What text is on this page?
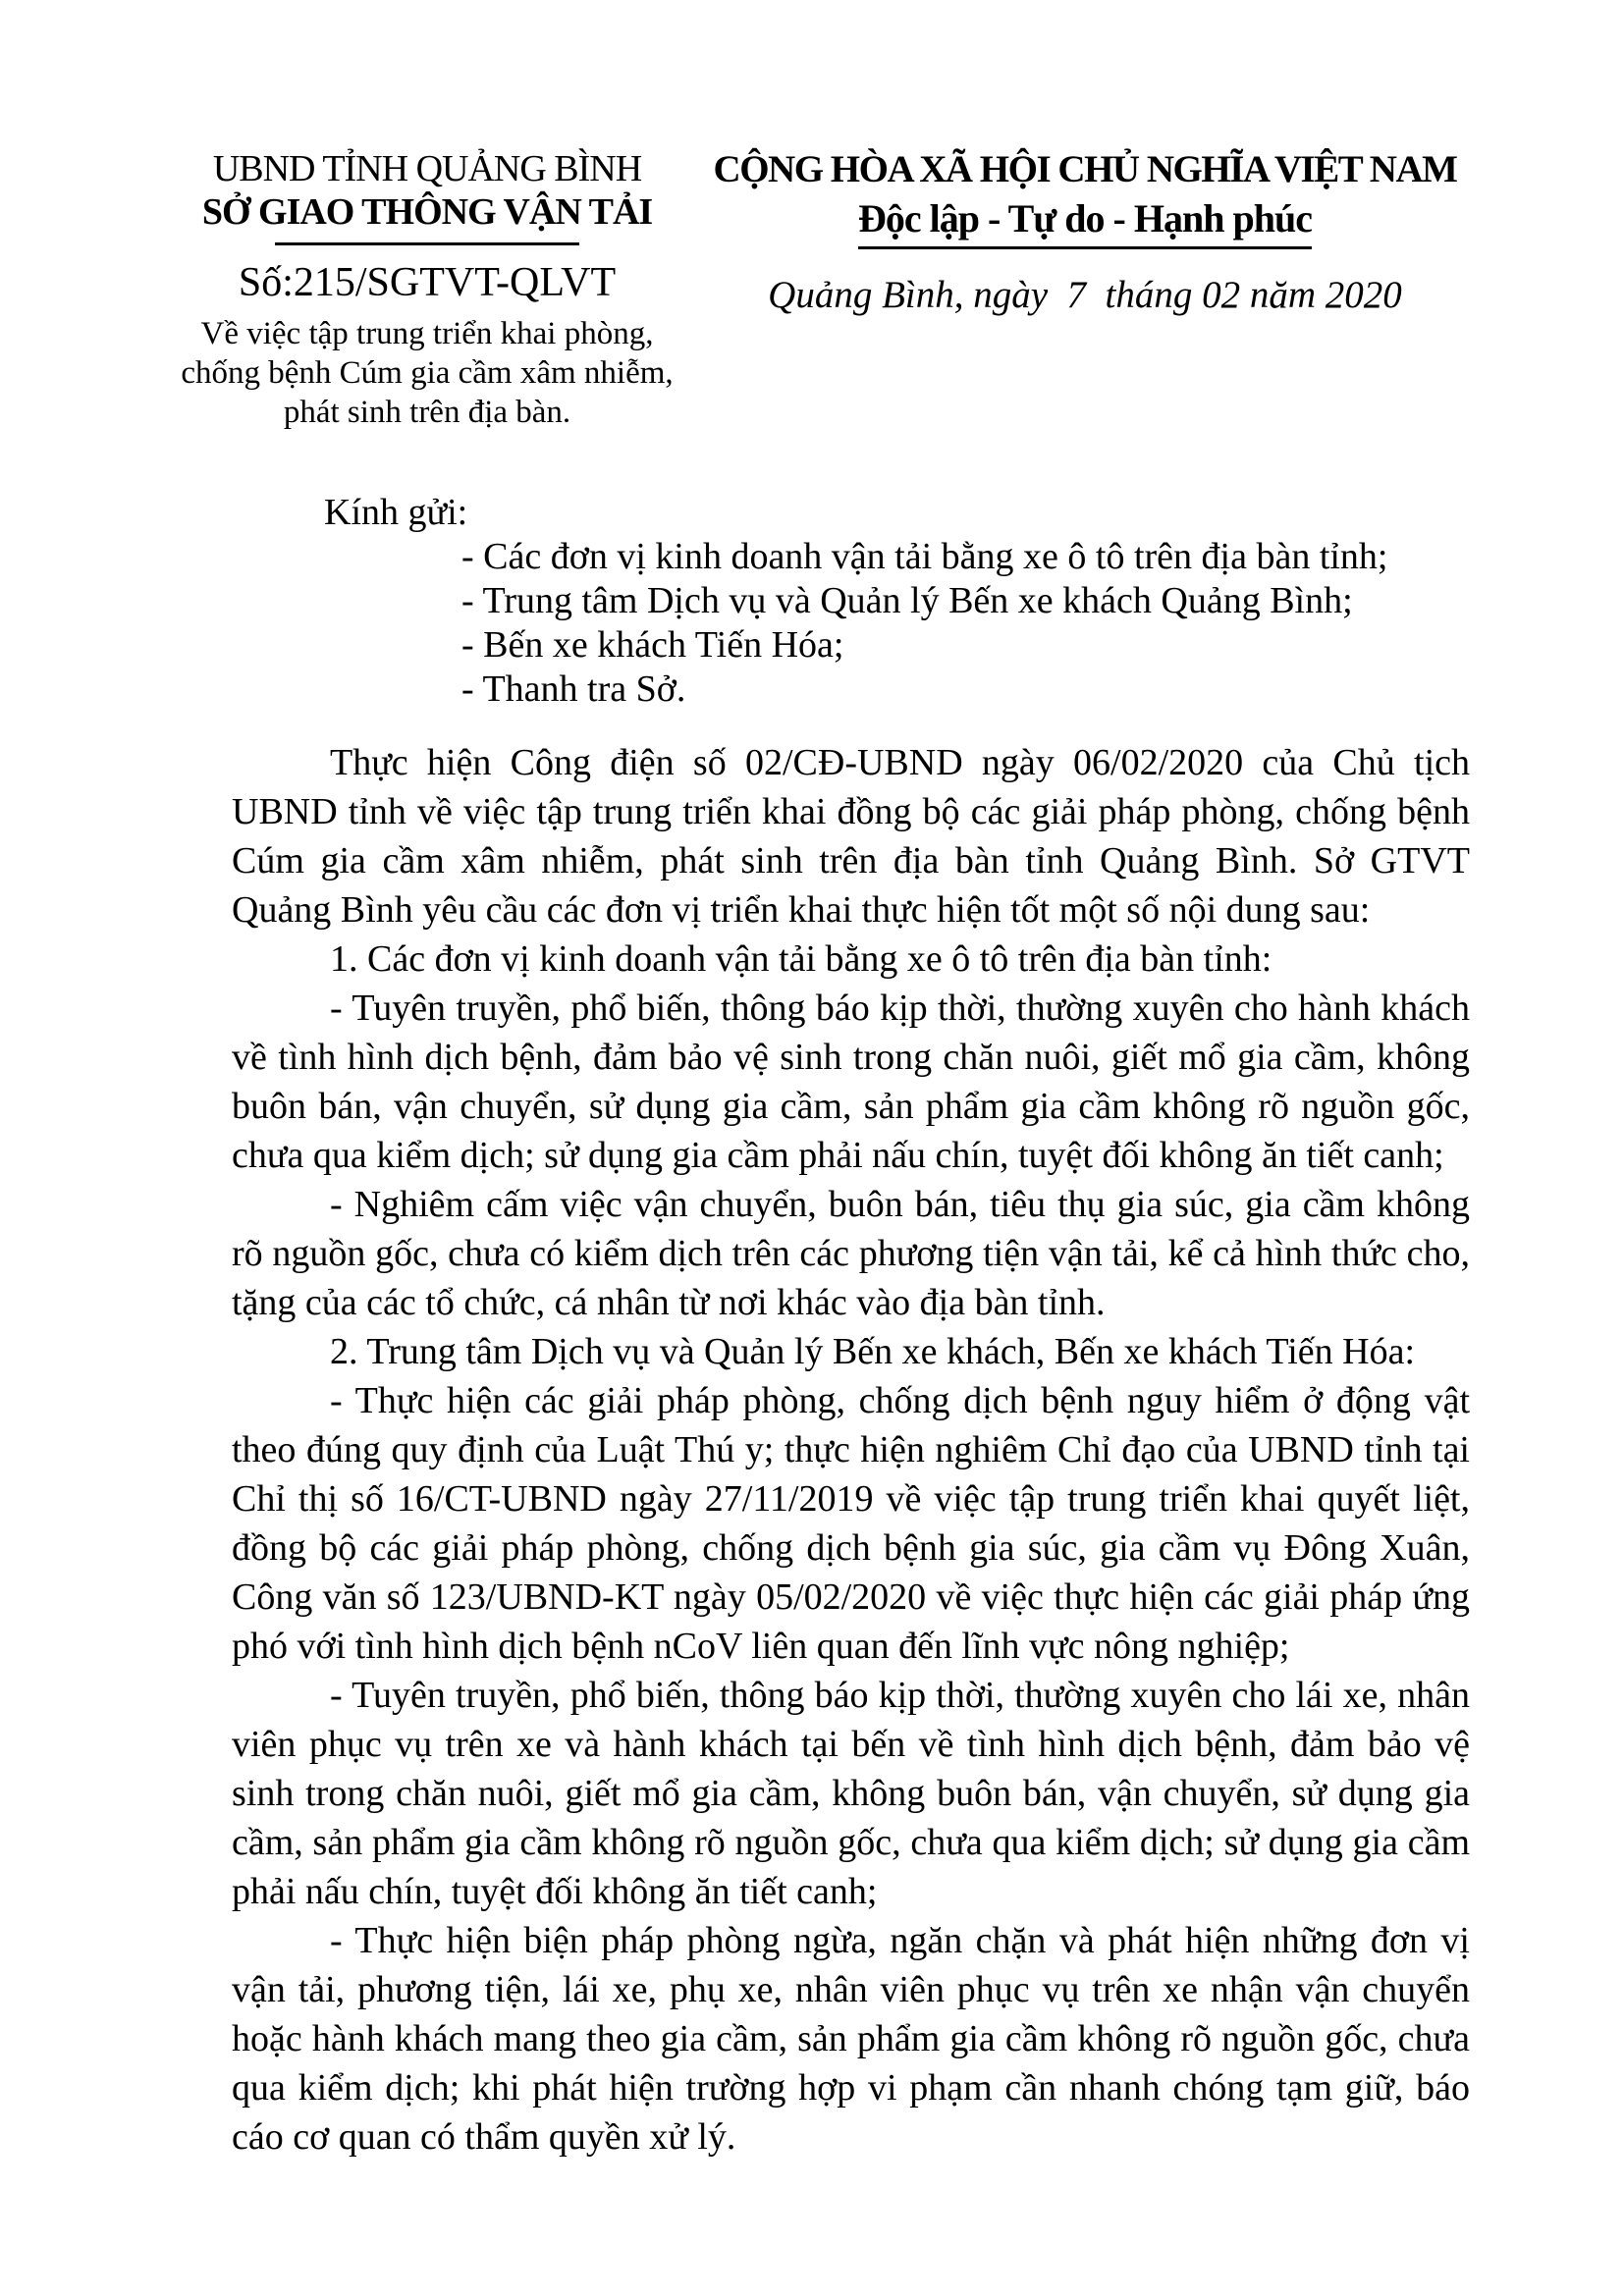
UBND TỈNH QUẢNG BÌNH
SỞ GIAO THÔNG VẬN TẢI
Số:215/SGTVT-QLVT
Về việc tập trung triển khai phòng, chống bệnh Cúm gia cầm xâm nhiễm, phát sinh trên địa bàn.
CỘNG HÒA XÃ HỘI CHỦ NGHĨA VIỆT NAM
Độc lập - Tự do - Hạnh phúc
Quảng Bình, ngày  7  tháng 02 năm 2020
Kính gửi:
- Các đơn vị kinh doanh vận tải bằng xe ô tô trên địa bàn tỉnh;
- Trung tâm Dịch vụ và Quản lý Bến xe khách Quảng Bình;
- Bến xe khách Tiến Hóa;
- Thanh tra Sở.

Thực hiện Công điện số 02/CĐ-UBND ngày 06/02/2020 của Chủ tịch UBND tỉnh về việc tập trung triển khai đồng bộ các giải pháp phòng, chống bệnh Cúm gia cầm xâm nhiễm, phát sinh trên địa bàn tỉnh Quảng Bình. Sở GTVT Quảng Bình yêu cầu các đơn vị triển khai thực hiện tốt một số nội dung sau:

1. Các đơn vị kinh doanh vận tải bằng xe ô tô trên địa bàn tỉnh:

- Tuyên truyền, phổ biến, thông báo kịp thời, thường xuyên cho hành khách về tình hình dịch bệnh, đảm bảo vệ sinh trong chăn nuôi, giết mổ gia cầm, không buôn bán, vận chuyển, sử dụng gia cầm, sản phẩm gia cầm không rõ nguồn gốc, chưa qua kiểm dịch; sử dụng gia cầm phải nấu chín, tuyệt đối không ăn tiết canh;

- Nghiêm cấm việc vận chuyển, buôn bán, tiêu thụ gia súc, gia cầm không rõ nguồn gốc, chưa có kiểm dịch trên các phương tiện vận tải, kể cả hình thức cho, tặng của các tổ chức, cá nhân từ nơi khác vào địa bàn tỉnh.

2. Trung tâm Dịch vụ và Quản lý Bến xe khách, Bến xe khách Tiến Hóa:

- Thực hiện các giải pháp phòng, chống dịch bệnh nguy hiểm ở động vật theo đúng quy định của Luật Thú y; thực hiện nghiêm Chỉ đạo của UBND tỉnh tại Chỉ thị số 16/CT-UBND ngày 27/11/2019 về việc tập trung triển khai quyết liệt, đồng bộ các giải pháp phòng, chống dịch bệnh gia súc, gia cầm vụ Đông Xuân, Công văn số 123/UBND-KT ngày 05/02/2020 về việc thực hiện các giải pháp ứng phó với tình hình dịch bệnh nCoV liên quan đến lĩnh vực nông nghiệp;

- Tuyên truyền, phổ biến, thông báo kịp thời, thường xuyên cho lái xe, nhân viên phục vụ trên xe và hành khách tại bến về tình hình dịch bệnh, đảm bảo vệ sinh trong chăn nuôi, giết mổ gia cầm, không buôn bán, vận chuyển, sử dụng gia cầm, sản phẩm gia cầm không rõ nguồn gốc, chưa qua kiểm dịch; sử dụng gia cầm phải nấu chín, tuyệt đối không ăn tiết canh;

- Thực hiện biện pháp phòng ngừa, ngăn chặn và phát hiện những đơn vị vận tải, phương tiện, lái xe, phụ xe, nhân viên phục vụ trên xe nhận vận chuyển hoặc hành khách mang theo gia cầm, sản phẩm gia cầm không rõ nguồn gốc, chưa qua kiểm dịch; khi phát hiện trường hợp vi phạm cần nhanh chóng tạm giữ, báo cáo cơ quan có thẩm quyền xử lý.
